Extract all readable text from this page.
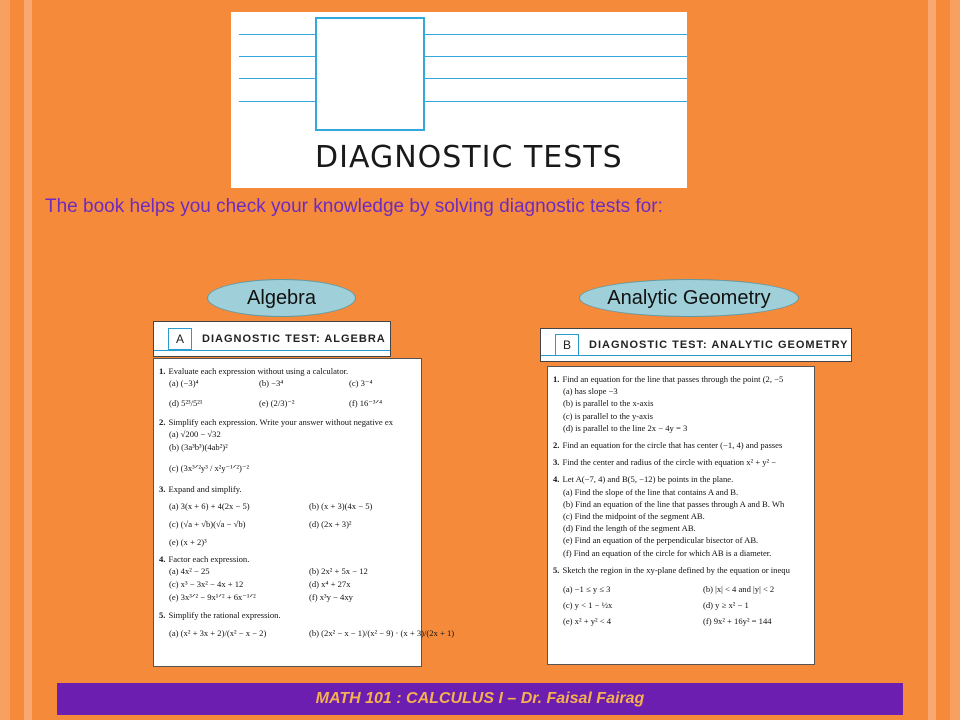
DIAGNOSTIC TESTS
The book helps you check your knowledge by solving diagnostic tests for:
Algebra	Analytic Geometry
A	DIAGNOSTIC TEST: ALGEBRA
1. Evaluate each expression without using a calculator.
(a) (−3)⁴	(b) −3⁴	(c) 3⁻⁴
(d) 5²³/5²¹	(e) (2/3)⁻²	(f) 16⁻³ᐟ⁴
2. Simplify each expression. Write your answer without negative ex
(a) √200 − √32
(b) (3a³b³)(4ab²)²
(c) (3x³ᐟ²y³ / x²y⁻¹ᐟ²)⁻²
3. Expand and simplify.
(a) 3(x + 6) + 4(2x − 5)	(b) (x + 3)(4x − 5)
(c) (√a + √b)(√a − √b)	(d) (2x + 3)²
(e) (x + 2)³
4. Factor each expression.
(a) 4x² − 25	(b) 2x² + 5x − 12
(c) x³ − 3x² − 4x + 12	(d) x⁴ + 27x
(e) 3x³ᐟ² − 9x¹ᐟ² + 6x⁻¹ᐟ²	(f) x³y − 4xy
5. Simplify the rational expression.
(a) (x² + 3x + 2)/(x² − x − 2)	(b) (2x² − x − 1)/(x² − 9) · (x + 3)/(2x + 1)
B	DIAGNOSTIC TEST: ANALYTIC GEOMETRY
1. Find an equation for the line that passes through the point (2, −5
(a) has slope −3
(b) is parallel to the x-axis
(c) is parallel to the y-axis
(d) is parallel to the line 2x − 4y = 3
2. Find an equation for the circle that has center (−1, 4) and passes
3. Find the center and radius of the circle with equation x² + y² −
4. Let A(−7, 4) and B(5, −12) be points in the plane.
(a) Find the slope of the line that contains A and B.
(b) Find an equation of the line that passes through A and B. Wh
(c) Find the midpoint of the segment AB.
(d) Find the length of the segment AB.
(e) Find an equation of the perpendicular bisector of AB.
(f) Find an equation of the circle for which AB is a diameter.
5. Sketch the region in the xy-plane defined by the equation or inequ
(a) −1 ≤ y ≤ 3	(b) |x| < 4 and |y| < 2
(c) y < 1 − ½x	(d) y ≥ x² − 1
(e) x² + y² < 4	(f) 9x² + 16y² = 144
MATH 101 : CALCULUS I – Dr. Faisal Fairag
